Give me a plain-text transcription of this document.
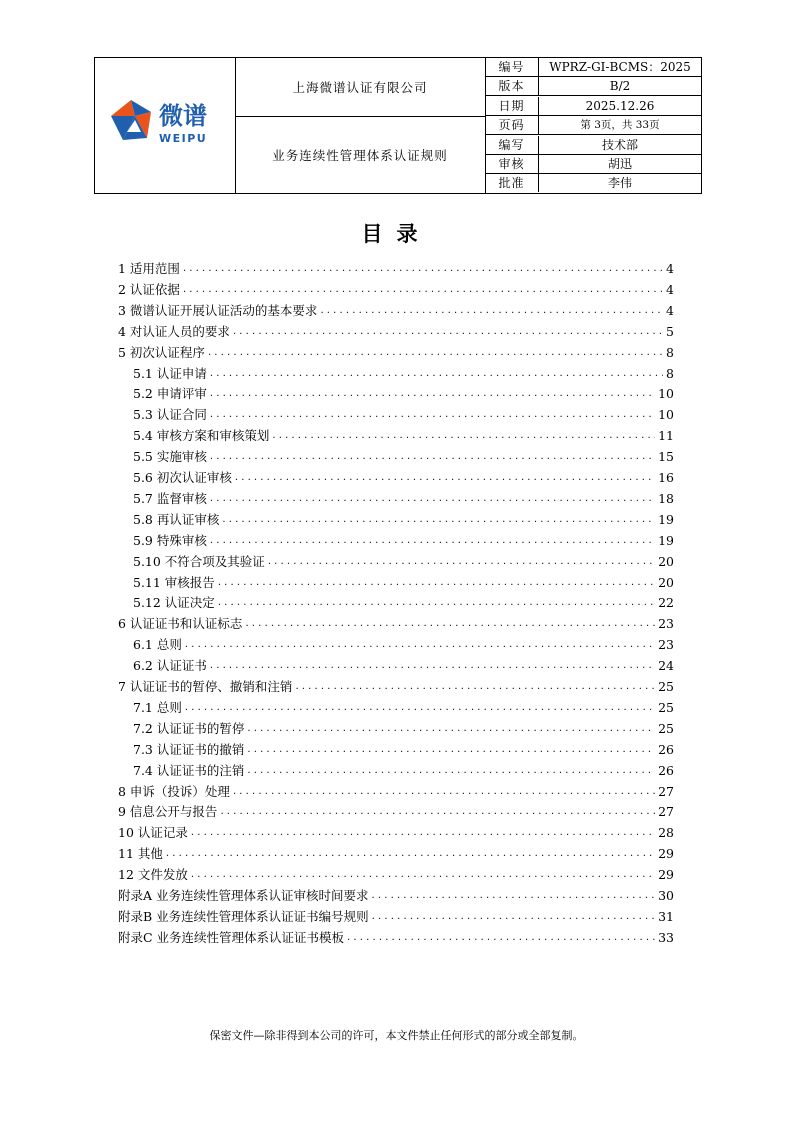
微谱
WEIPU
上海微谱认证有限公司
业务连续性管理体系认证规则
编号	WPRZ-GI-BCMS：2025
版本	B/2
日期	2025.12.26
页码	第 3页，共 33页
编写	技术部
审核	胡迅
批准	李伟
目录
1 适用范围 . . .	4
2 认证依据 . . .	4
3 微谱认证开展认证活动的基本要求 . . .	4
4 对认证人员的要求 . . .	5
5 初次认证程序 . . .	8
5.1 认证申请 . . .	8
5.2 申请评审 . . .	10
5.3 认证合同 . . .	10
5.4 审核方案和审核策划 . . .	11
5.5 实施审核 . . .	15
5.6 初次认证审核 . . .	16
5.7 监督审核 . . .	18
5.8 再认证审核 . . .	19
5.9 特殊审核 . . .	19
5.10 不符合项及其验证 . . .	20
5.11 审核报告 . . .	20
5.12 认证决定 . . .	22
6 认证证书和认证标志 . . .	23
6.1 总则 . . .	23
6.2 认证证书 . . .	24
7 认证证书的暂停、撤销和注销 . . .	25
7.1 总则 . . .	25
7.2 认证证书的暂停 . . .	25
7.3 认证证书的撤销 . . .	26
7.4 认证证书的注销 . . .	26
8 申诉（投诉）处理 . . .	27
9 信息公开与报告 . . .	27
10 认证记录 . . .	28
11 其他 . . .	29
12 文件发放 . . .	29
附录A 业务连续性管理体系认证审核时间要求 . . .	30
附录B 业务连续性管理体系认证证书编号规则 . . .	31
附录C 业务连续性管理体系认证证书模板 . . .	33
保密文件—除非得到本公司的许可，本文件禁止任何形式的部分或全部复制。
